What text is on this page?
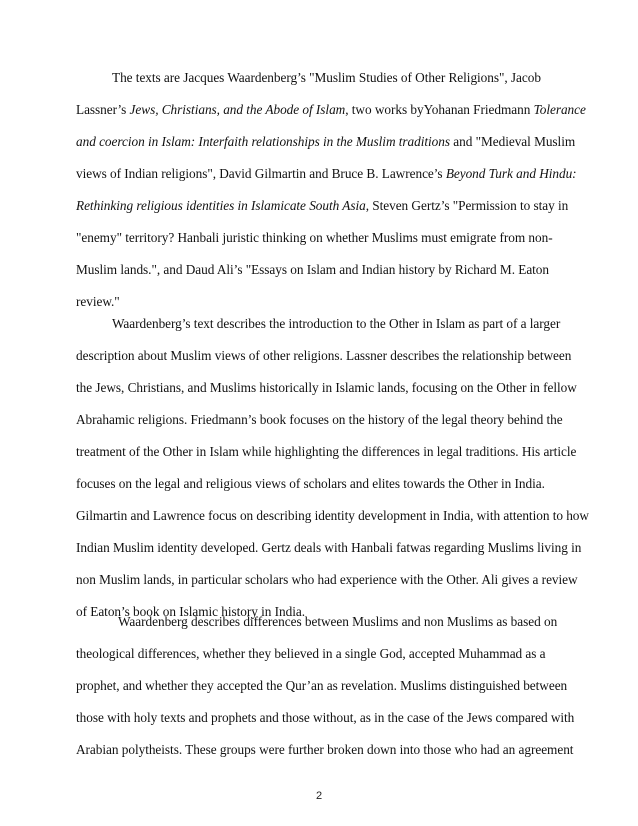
The texts are Jacques Waardenberg’s "Muslim Studies of Other Religions", Jacob
Lassner’s Jews, Christians, and the Abode of Islam, two works byYohanan Friedmann Tolerance
and coercion in Islam: Interfaith relationships in the Muslim traditions and "Medieval Muslim
views of Indian religions", David Gilmartin and Bruce B. Lawrence’s Beyond Turk and Hindu:
Rethinking religious identities in Islamicate South Asia, Steven Gertz’s "Permission to stay in
"enemy" territory? Hanbali juristic thinking on whether Muslims must emigrate from non-
Muslim lands.", and Daud Ali’s "Essays on Islam and Indian history by Richard M. Eaton
review."
Waardenberg’s text describes the introduction to the Other in Islam as part of a larger
description about Muslim views of other religions. Lassner describes the relationship between
the Jews, Christians, and Muslims historically in Islamic lands, focusing on the Other in fellow
Abrahamic religions. Friedmann’s book focuses on the history of the legal theory behind the
treatment of the Other in Islam while highlighting the differences in legal traditions. His article
focuses on the legal and religious views of scholars and elites towards the Other in India.
Gilmartin and Lawrence focus on describing identity development in India, with attention to how
Indian Muslim identity developed. Gertz deals with Hanbali fatwas regarding Muslims living in
non Muslim lands, in particular scholars who had experience with the Other. Ali gives a review
of Eaton’s book on Islamic history in India.
Waardenberg describes differences between Muslims and non Muslims as based on
theological differences, whether they believed in a single God, accepted Muhammad as a
prophet, and whether they accepted the Qur’an as revelation. Muslims distinguished between
those with holy texts and prophets and those without, as in the case of the Jews compared with
Arabian polytheists. These groups were further broken down into those who had an agreement
2
